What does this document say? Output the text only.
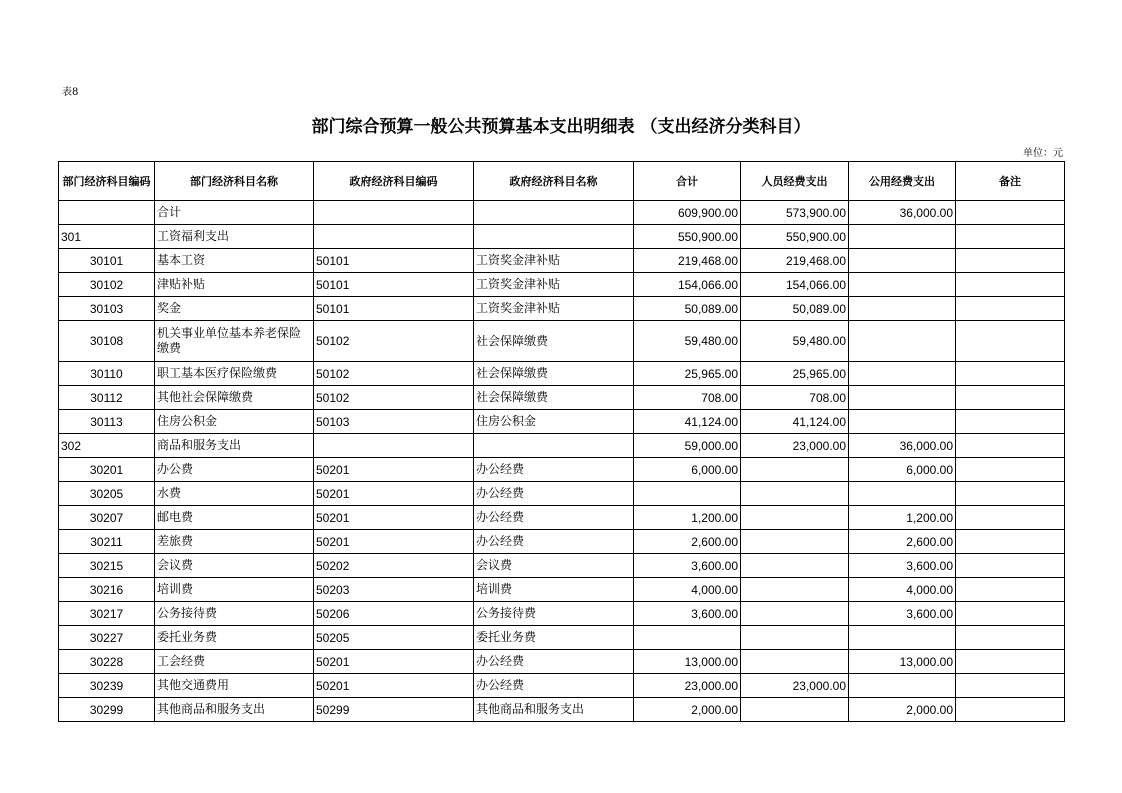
表8
部门综合预算一般公共预算基本支出明细表 （支出经济分类科目）
单位：元
部门经济科目编码	部门经济科目名称	政府经济科目编码	政府经济科目名称	合计	人员经费支出	公用经费支出	备注
	合计			609,900.00	573,900.00	36,000.00	
301	工资福利支出			550,900.00	550,900.00		
30101	基本工资	50101	工资奖金津补贴	219,468.00	219,468.00		
30102	津贴补贴	50101	工资奖金津补贴	154,066.00	154,066.00		
30103	奖金	50101	工资奖金津补贴	50,089.00	50,089.00		
30108	机关事业单位基本养老保险缴费	50102	社会保障缴费	59,480.00	59,480.00		
30110	职工基本医疗保险缴费	50102	社会保障缴费	25,965.00	25,965.00		
30112	其他社会保障缴费	50102	社会保障缴费	708.00	708.00		
30113	住房公积金	50103	住房公积金	41,124.00	41,124.00		
302	商品和服务支出			59,000.00	23,000.00	36,000.00	
30201	办公费	50201	办公经费	6,000.00		6,000.00	
30205	水费	50201	办公经费				
30207	邮电费	50201	办公经费	1,200.00		1,200.00	
30211	差旅费	50201	办公经费	2,600.00		2,600.00	
30215	会议费	50202	会议费	3,600.00		3,600.00	
30216	培训费	50203	培训费	4,000.00		4,000.00	
30217	公务接待费	50206	公务接待费	3,600.00		3,600.00	
30227	委托业务费	50205	委托业务费				
30228	工会经费	50201	办公经费	13,000.00		13,000.00	
30239	其他交通费用	50201	办公经费	23,000.00	23,000.00		
30299	其他商品和服务支出	50299	其他商品和服务支出	2,000.00		2,000.00	
